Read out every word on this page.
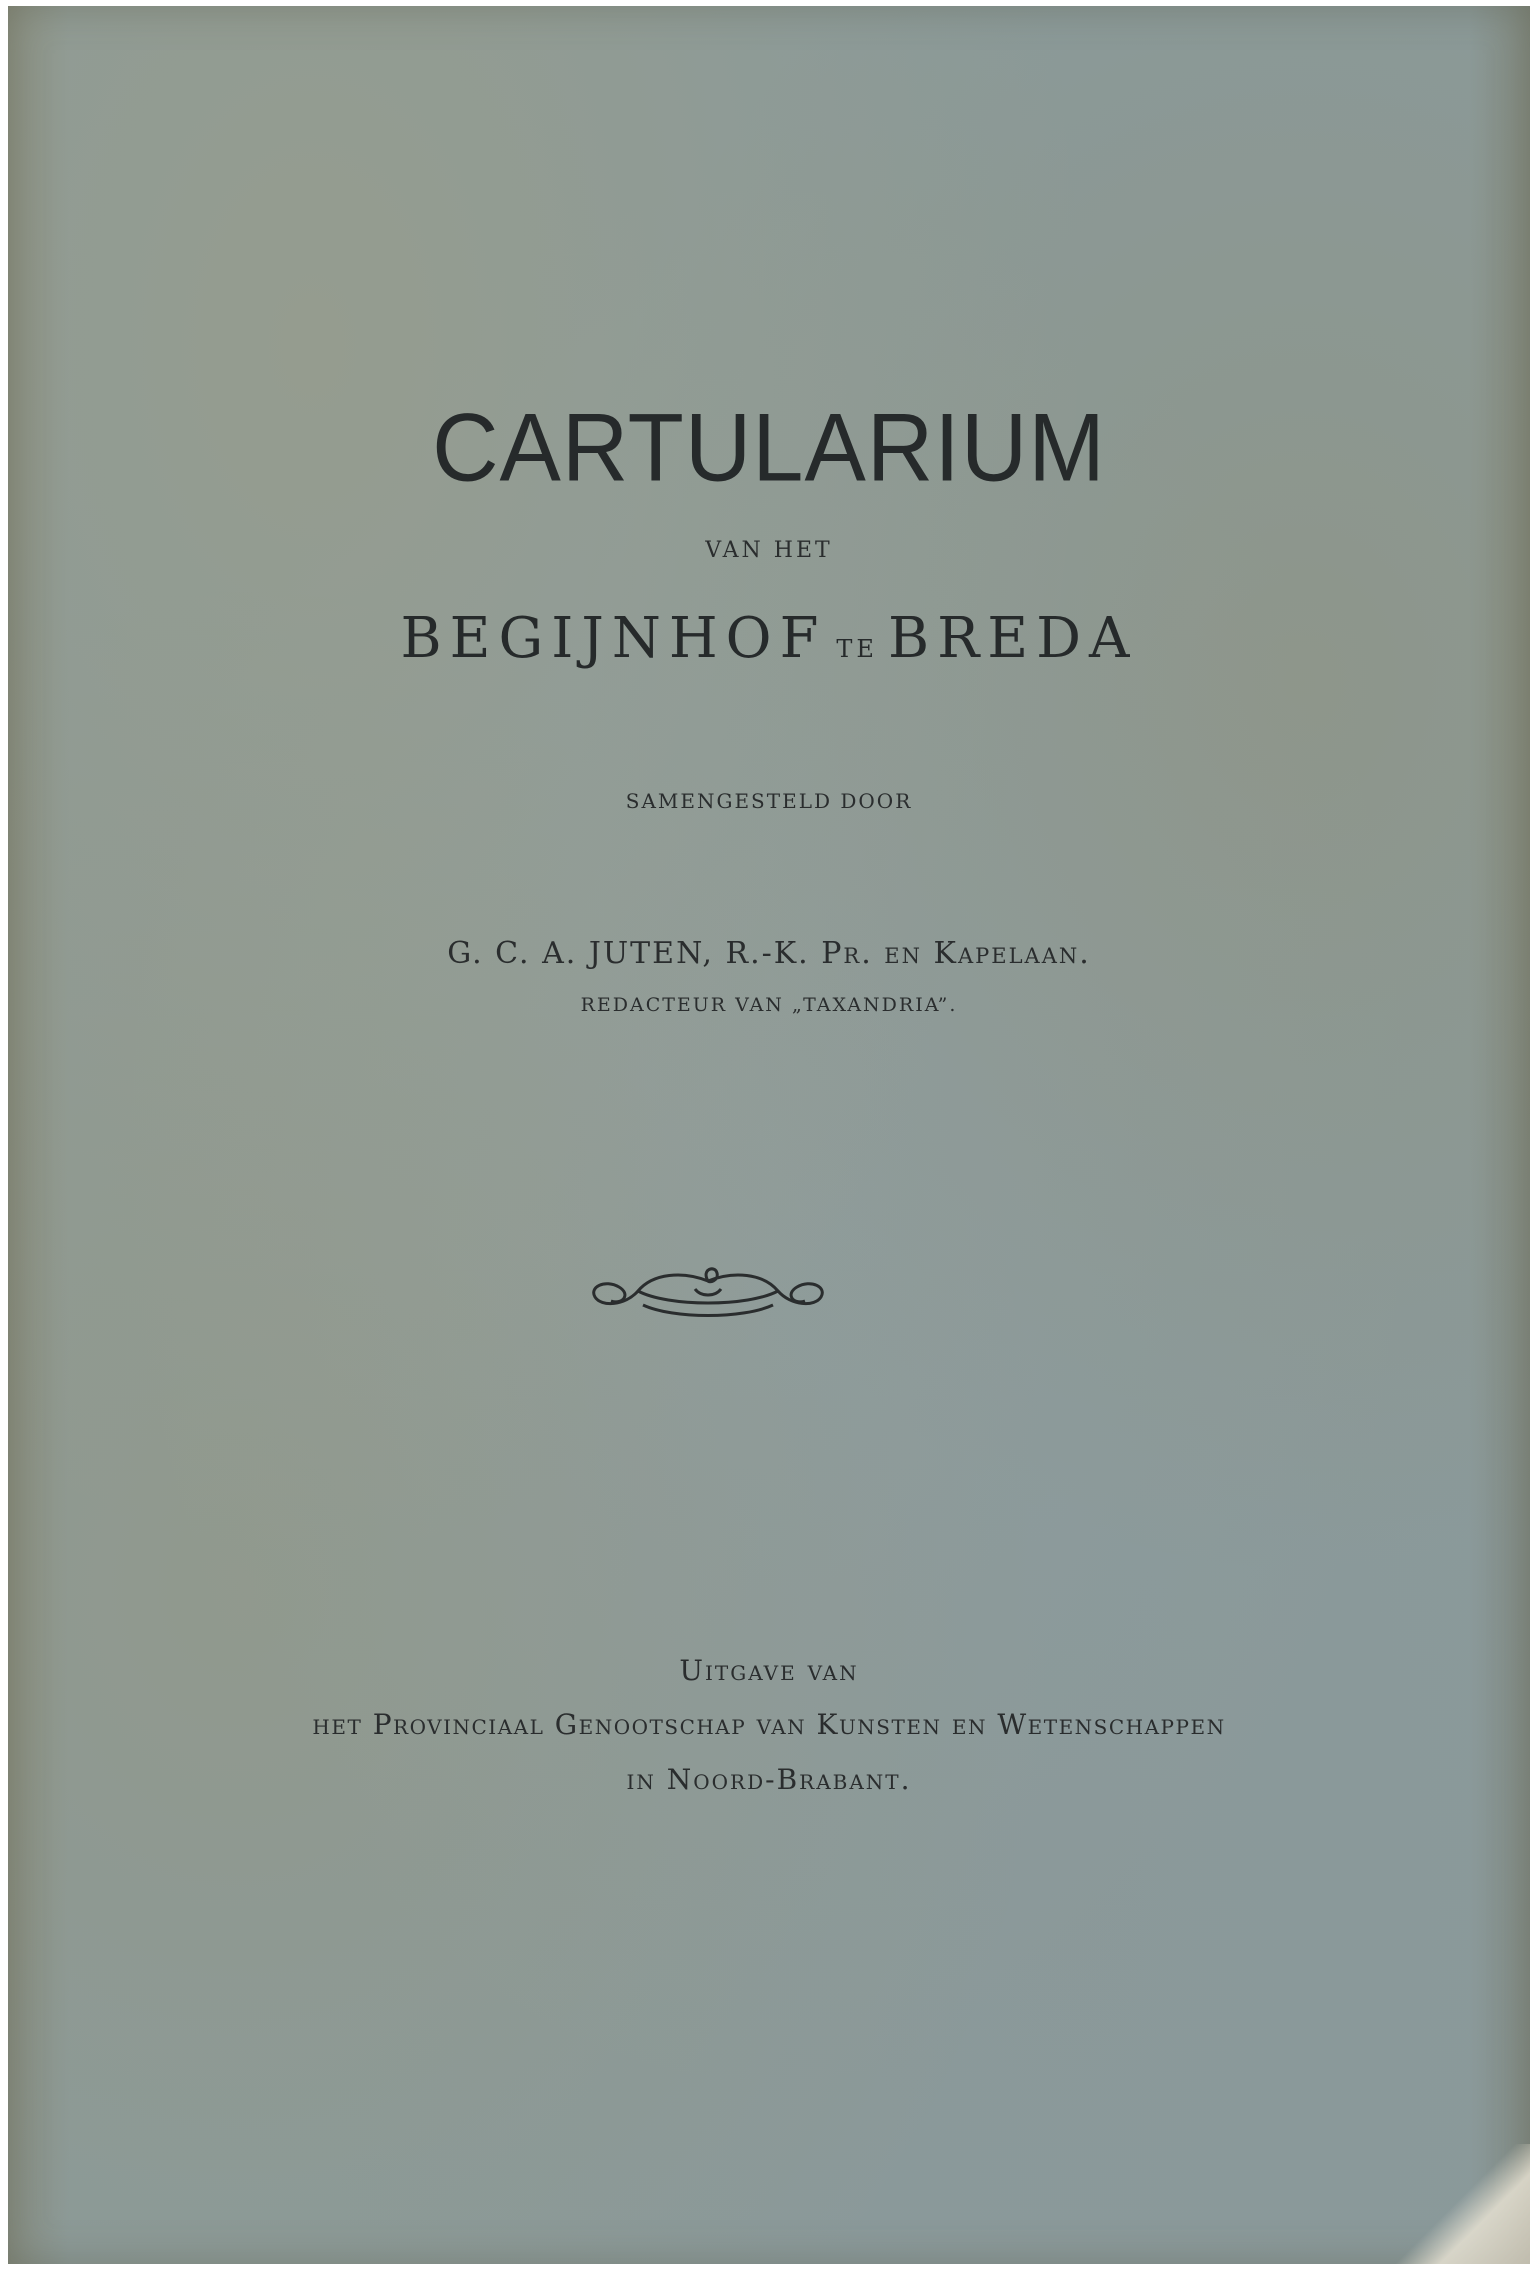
CARTULARIUM
VAN HET
BEGIJNHOF TE BREDA
SAMENGESTELD DOOR
G. C. A. JUTEN, R.-K. Pr. en Kapelaan.
REDACTEUR VAN „TAXANDRIA”.
Uitgave van
het Provinciaal Genootschap van Kunsten en Wetenschappen
in Noord-Brabant.
